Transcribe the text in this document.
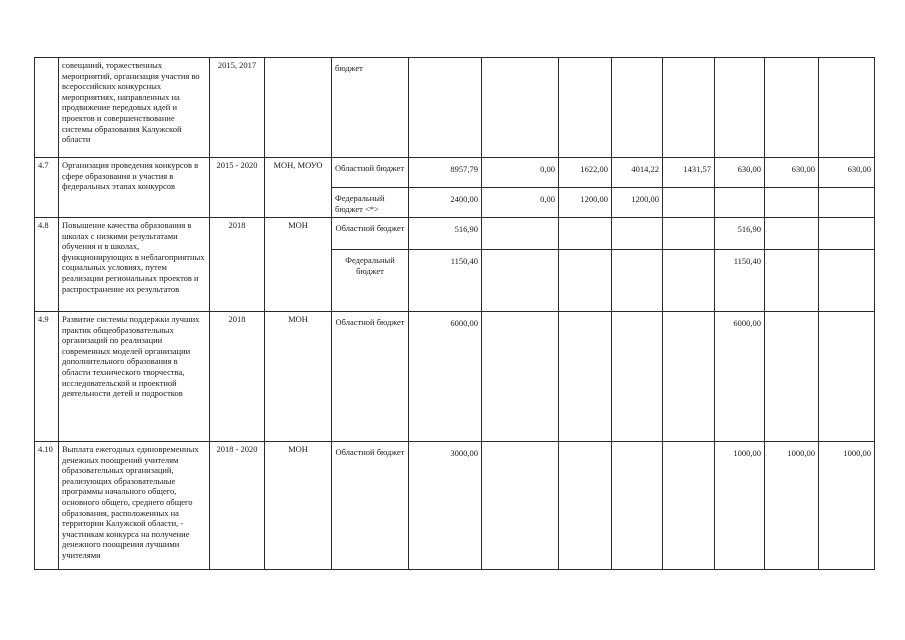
	совещаний, торжественных мероприятий, организация участия во всероссийских конкурсных мероприятиях, направленных на продвижение передовых идей и проектов и совершенствование системы образования Калужской области	2015, 2017		бюджет								
4.7	Организация проведения конкурсов в сфере образования и участия в федеральных этапах конкурсов	2015 - 2020	МОН, МОУО	Областной бюджет	8957,79	0,00	1622,00	4014,22	1431,57	630,00	630,00	630,00
				Федеральный бюджет <*>	2400,00	0,00	1200,00	1200,00				
4.8	Повышение качества образования в школах с низкими результатами обучения и в школах, функционирующих в неблагоприятных социальных условиях, путем реализации региональных проектов и распространение их результатов	2018	МОН	Областной бюджет	516,90					516,90		
				Федеральный бюджет	1150,40					1150,40		
4.9	Развитие системы поддержки лучших практик общеобразовательных организаций по реализации современных моделей организации дополнительного образования в области технического творчества, исследовательской и проектной деятельности детей и подростков	2018	МОН	Областной бюджет	6000,00					6000,00		
4.10	Выплата ежегодных единовременных денежных поощрений учителям образовательных организаций, реализующих образовательные программы начального общего, основного общего, среднего общего образования, расположенных на территории Калужской области, - участникам конкурса на получение денежного поощрения лучшими учителями	2018 - 2020	МОН	Областной бюджет	3000,00					1000,00	1000,00	1000,00
